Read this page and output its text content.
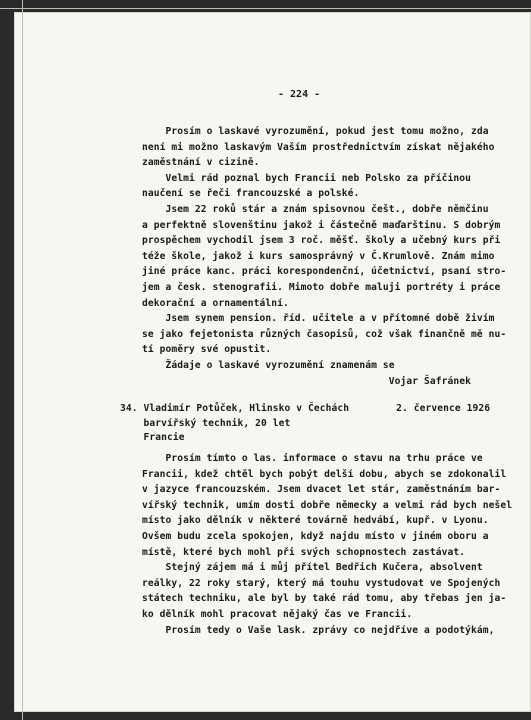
- 224 -
Prosím o laskavé vyrozumění, pokud jest tomu možno, zda
není mi možno laskavým Vaším prostřednictvím získat nějakého
zaměstnání v cizině.
Velmi rád poznal bych Francii neb Polsko za příčinou
naučení se řeči francouzské a polské.
Jsem 22 roků stár a znám spisovnou češt., dobře němčinu
a perfektně slovenštinu jakož i částečně maďarštinu. S dobrým
prospěchem vychodil jsem 3 roč. měšť. školy a učebný kurs při
téže škole, jakož i kurs samosprávný v Č.Krumlově. Znám mimo
jiné práce kanc. práci korespondenční, účetnictví, psaní stro-
jem a česk. stenografii. Mimoto dobře maluji portréty i práce
dekorační a ornamentální.
Jsem synem pension. říd. učitele a v přítomné době živím
se jako fejetonista různých časopisů, což však finančně mě nu-
tí poměry své opustit.
Žádaje o laskavé vyrozumění znamenám se
Vojar Šafránek
34. Vladimír Potůček, Hlinsko v Čechách        2. července 1926
barvířský technik, 20 let
Francie
Prosím tímto o las. informace o stavu na trhu práce ve
Francii, kdež chtěl bych pobýt delší dobu, abych se zdokonalil
v jazyce francouzském. Jsem dvacet let stár, zaměstnáním bar-
vířský technik, umím dosti dobře německy a velmi rád bych nešel
místo jako dělník v některé továrně hedvábí, kupř. v Lyonu.
Ovšem budu zcela spokojen, když najdu místo v jiném oboru a
místě, které bych mohl při svých schopnostech zastávat.
Stejný zájem má i můj přítel Bedřich Kučera, absolvent
reálky, 22 roky starý, který má touhu vystudovat ve Spojených
státech techniku, ale byl by také rád tomu, aby třebas jen ja-
ko dělník mohl pracovat nějaký čas ve Francii.
Prosím tedy o Vaše lask. zprávy co nejdříve a podotýkám,
